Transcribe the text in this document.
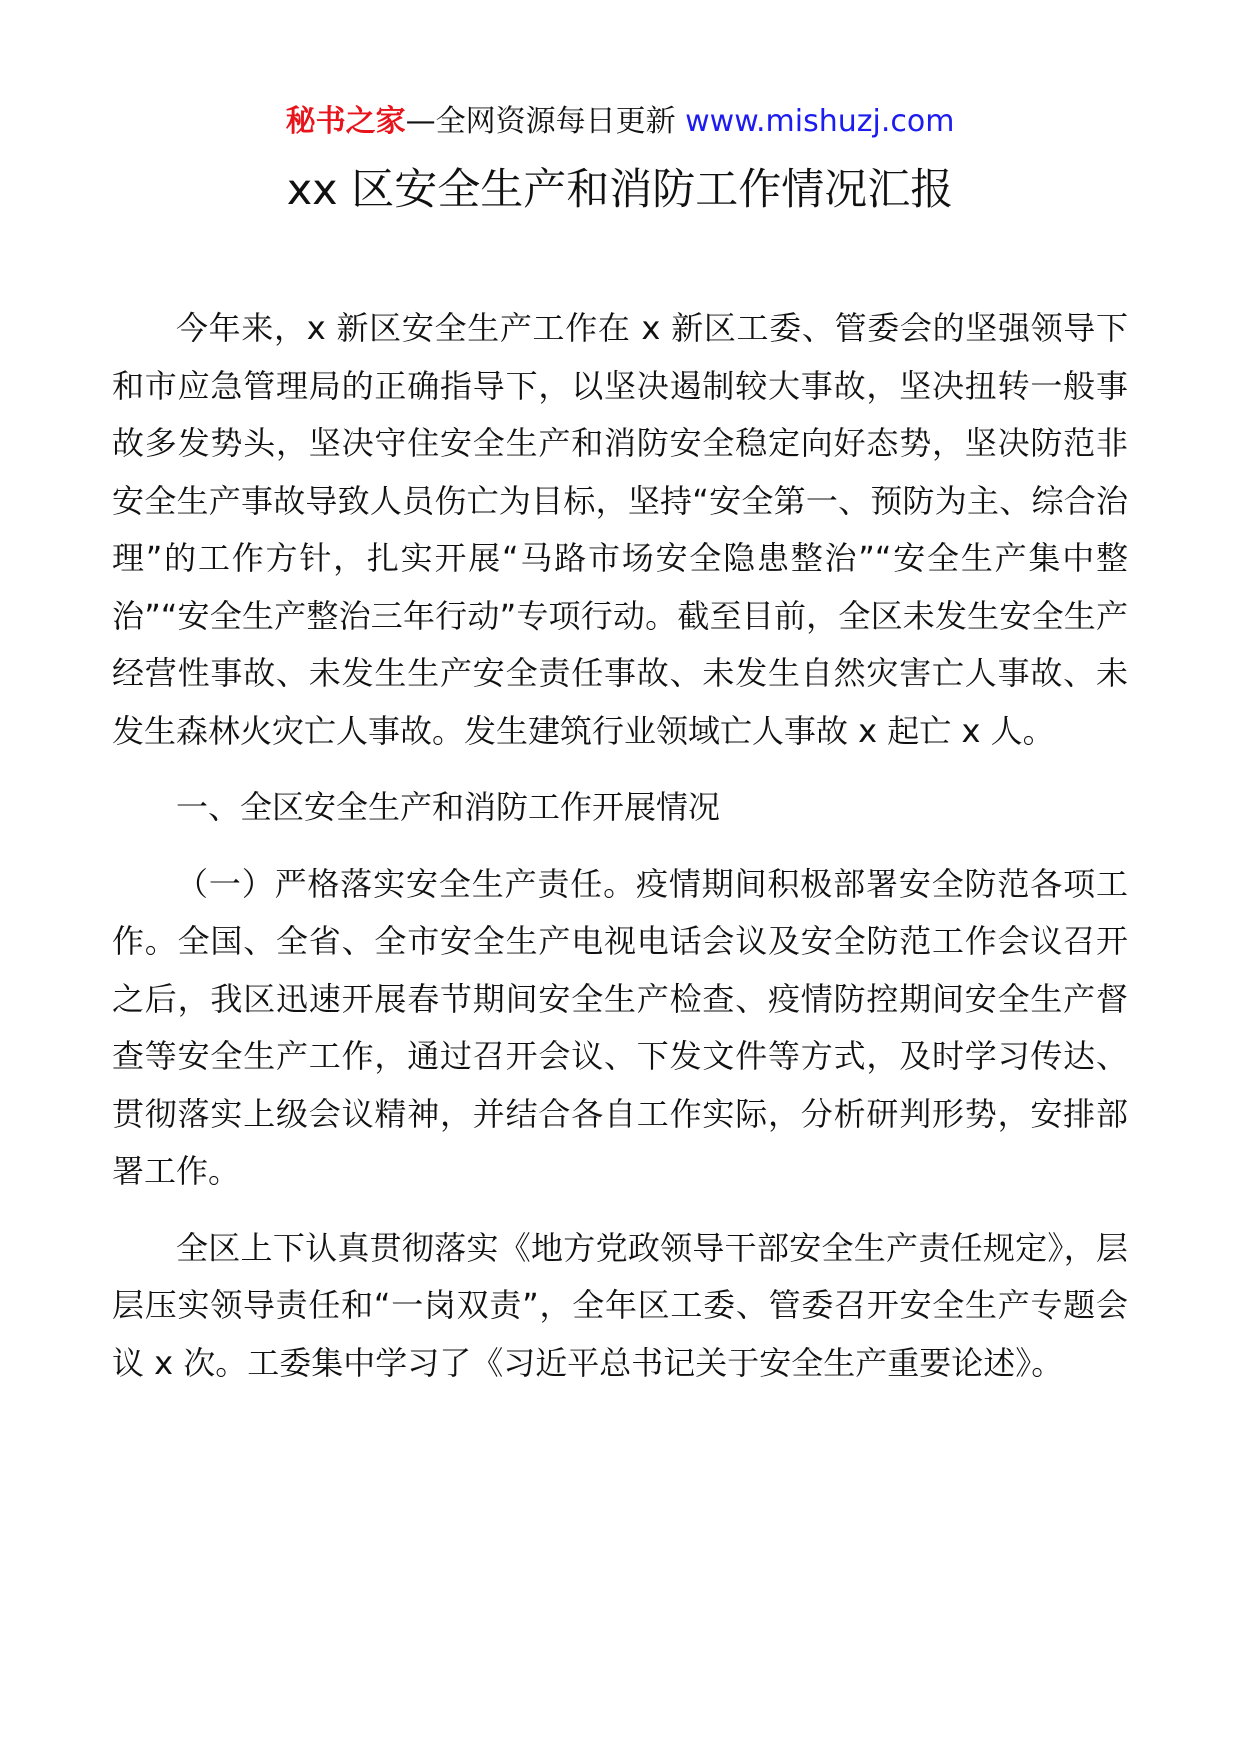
秘书之家—全网资源每日更新 www.mishuzj.com
xx 区安全生产和消防工作情况汇报

今年来，x 新区安全生产工作在 x 新区工委、管委会的坚强领导下和市应急管理局的正确指导下，以坚决遏制较大事故，坚决扭转一般事故多发势头，坚决守住安全生产和消防安全稳定向好态势，坚决防范非安全生产事故导致人员伤亡为目标，坚持“安全第一、预防为主、综合治理”的工作方针，扎实开展“马路市场安全隐患整治”“安全生产集中整治”“安全生产整治三年行动”专项行动。截至目前，全区未发生安全生产经营性事故、未发生生产安全责任事故、未发生自然灾害亡人事故、未发生森林火灾亡人事故。发生建筑行业领域亡人事故 x 起亡 x 人。

一、全区安全生产和消防工作开展情况

（一）严格落实安全生产责任。疫情期间积极部署安全防范各项工作。全国、全省、全市安全生产电视电话会议及安全防范工作会议召开之后，我区迅速开展春节期间安全生产检查、疫情防控期间安全生产督查等安全生产工作，通过召开会议、下发文件等方式，及时学习传达、贯彻落实上级会议精神，并结合各自工作实际，分析研判形势，安排部署工作。

全区上下认真贯彻落实《地方党政领导干部安全生产责任规定》，层层压实领导责任和“一岗双责”，全年区工委、管委召开安全生产专题会议 x 次。工委集中学习了《习近平总书记关于安全生产重要论述》。
